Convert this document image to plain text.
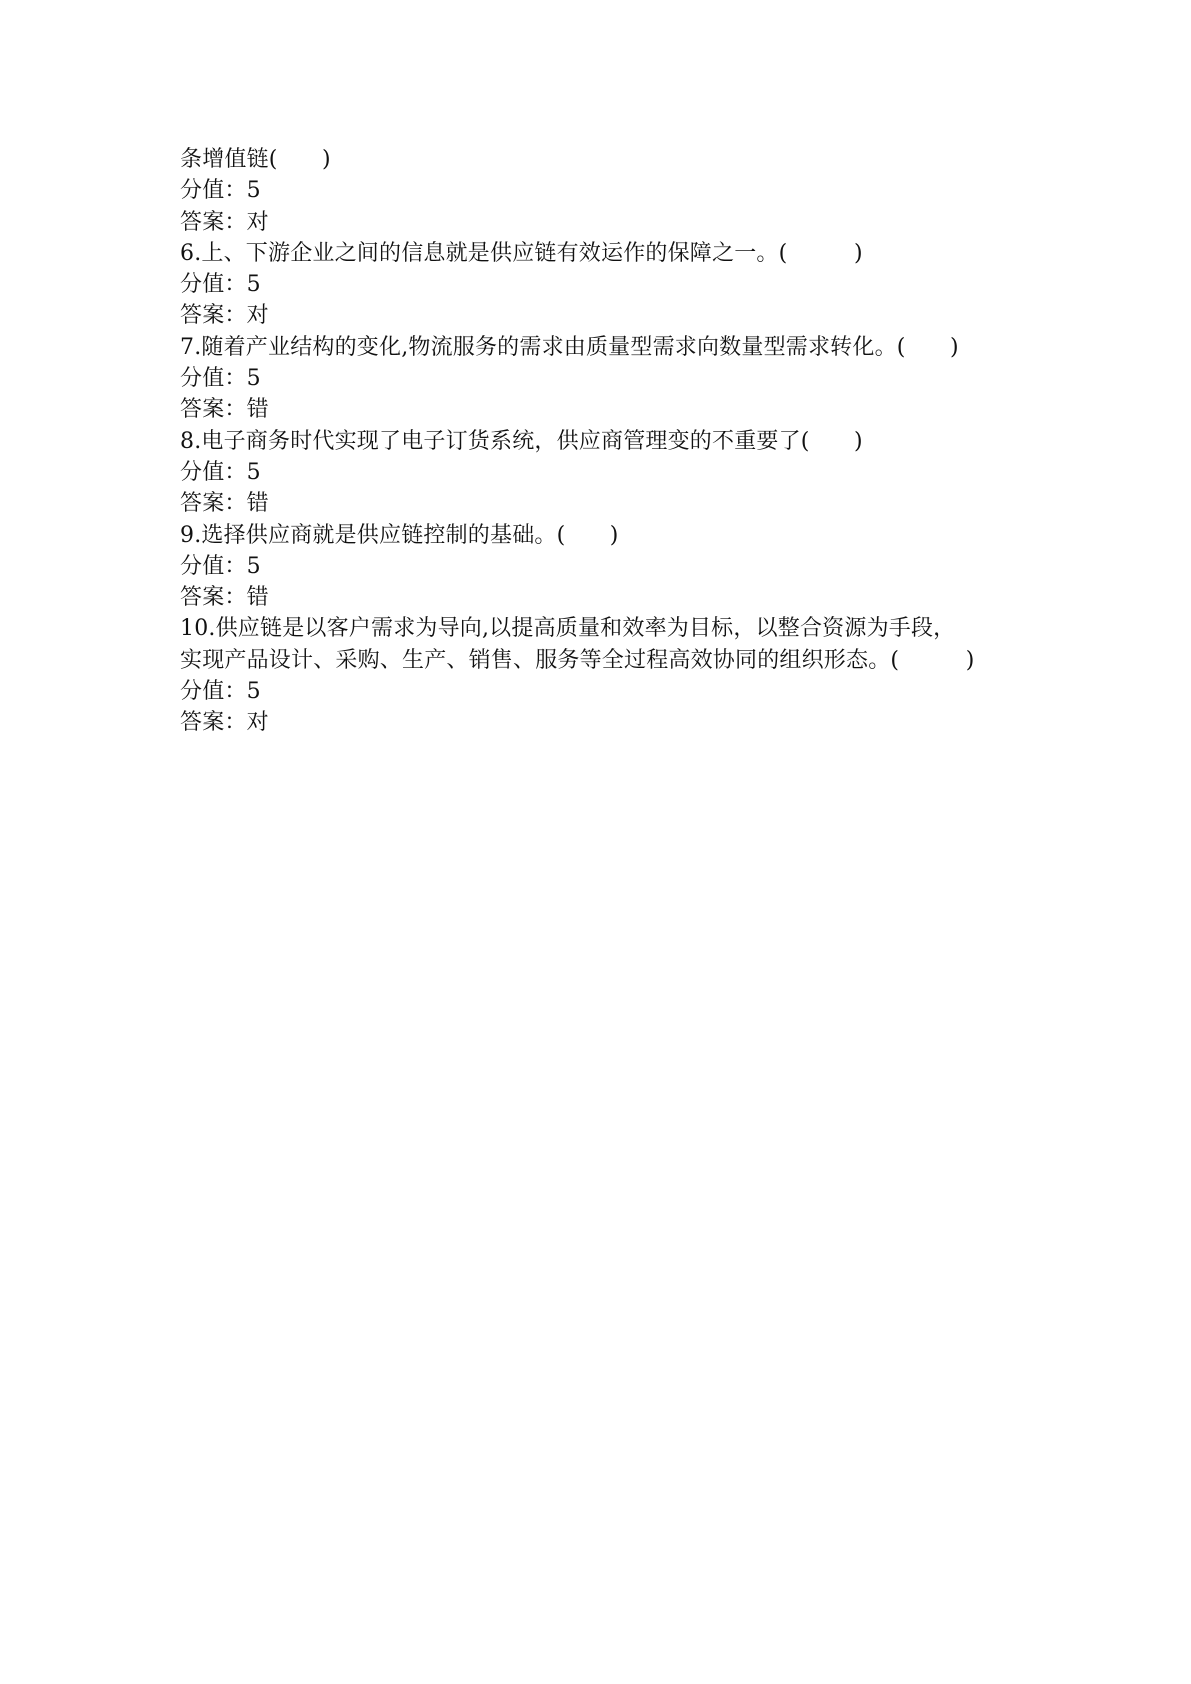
条增值链(　　)
分值：5
答案：对
6.上、下游企业之间的信息就是供应链有效运作的保障之一。(　　　)
分值：5
答案：对
7.随着产业结构的变化,物流服务的需求由质量型需求向数量型需求转化。(　　)
分值：5
答案：错
8.电子商务时代实现了电子订货系统，供应商管理变的不重要了(　　)
分值：5
答案：错
9.选择供应商就是供应链控制的基础。(　　)
分值：5
答案：错
10.供应链是以客户需求为导向,以提高质量和效率为目标，以整合资源为手段，
实现产品设计、采购、生产、销售、服务等全过程高效协同的组织形态。(　　　)
分值：5
答案：对
